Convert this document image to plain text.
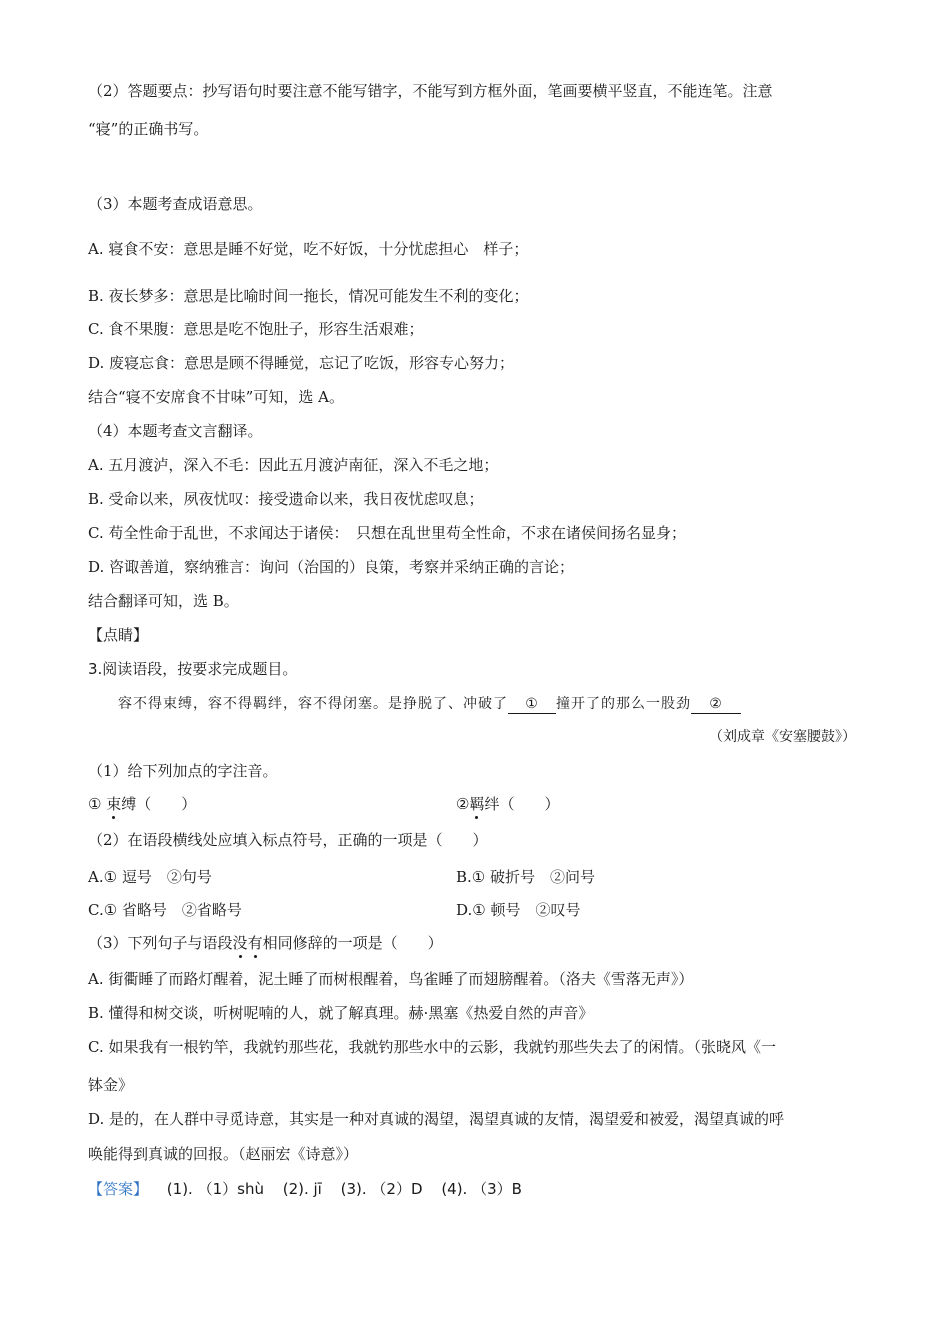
（2）答题要点：抄写语句时要注意不能写错字，不能写到方框外面，笔画要横平竖直，不能连笔。注意
“寝”的正确书写。
（3）本题考查成语意思。
A. 寝食不安：意思是睡不好觉，吃不好饭，十分忧虑担心　样子；
B. 夜长梦多：意思是比喻时间一拖长，情况可能发生不利的变化；
C. 食不果腹：意思是吃不饱肚子，形容生活艰难；
D. 废寝忘食：意思是顾不得睡觉，忘记了吃饭，形容专心努力；
结合“寝不安席食不甘味”可知，选 A。
（4）本题考查文言翻译。
A. 五月渡泸，深入不毛：因此五月渡泸南征，深入不毛之地；
B. 受命以来，夙夜忧叹：接受遗命以来，我日夜忧虑叹息；
C. 苟全性命于乱世，不求闻达于诸侯：　只想在乱世里苟全性命，不求在诸侯间扬名显身；
D. 咨诹善道，察纳雅言：询问（治国的）良策，考察并采纳正确的言论；
结合翻译可知，选 B。
【点睛】
3.阅读语段，按要求完成题目。
容不得束缚，容不得羁绊，容不得闭塞。是挣脱了、冲破了 ① 撞开了的那么一股劲 ②
（刘成章《安塞腰鼓》）
（1）给下列加点的字注音。
① 束缚（　　）	②羁绊（　　）
（2）在语段横线处应填入标点符号，正确的一项是（　　）
A.① 逗号　②句号	B.① 破折号　②问号
C.① 省略号　②省略号	D.① 顿号　②叹号
（3）下列句子与语段没有相同修辞的一项是（　　）
A. 街衢睡了而路灯醒着，泥土睡了而树根醒着，鸟雀睡了而翅膀醒着。（洛夫《雪落无声》）
B. 懂得和树交谈，听树呢喃的人，就了解真理。赫·黑塞《热爱自然的声音》
C. 如果我有一根钓竿，我就钓那些花，我就钓那些水中的云影，我就钓那些失去了的闲情。（张晓风《一
钵金》
D. 是的，在人群中寻觅诗意，其实是一种对真诚的渴望，渴望真诚的友情，渴望爱和被爱，渴望真诚的呼
唤能得到真诚的回报。（赵丽宏《诗意》）
【答案】 (1). （1）shù (2). jī (3). （2）D (4). （3）B
